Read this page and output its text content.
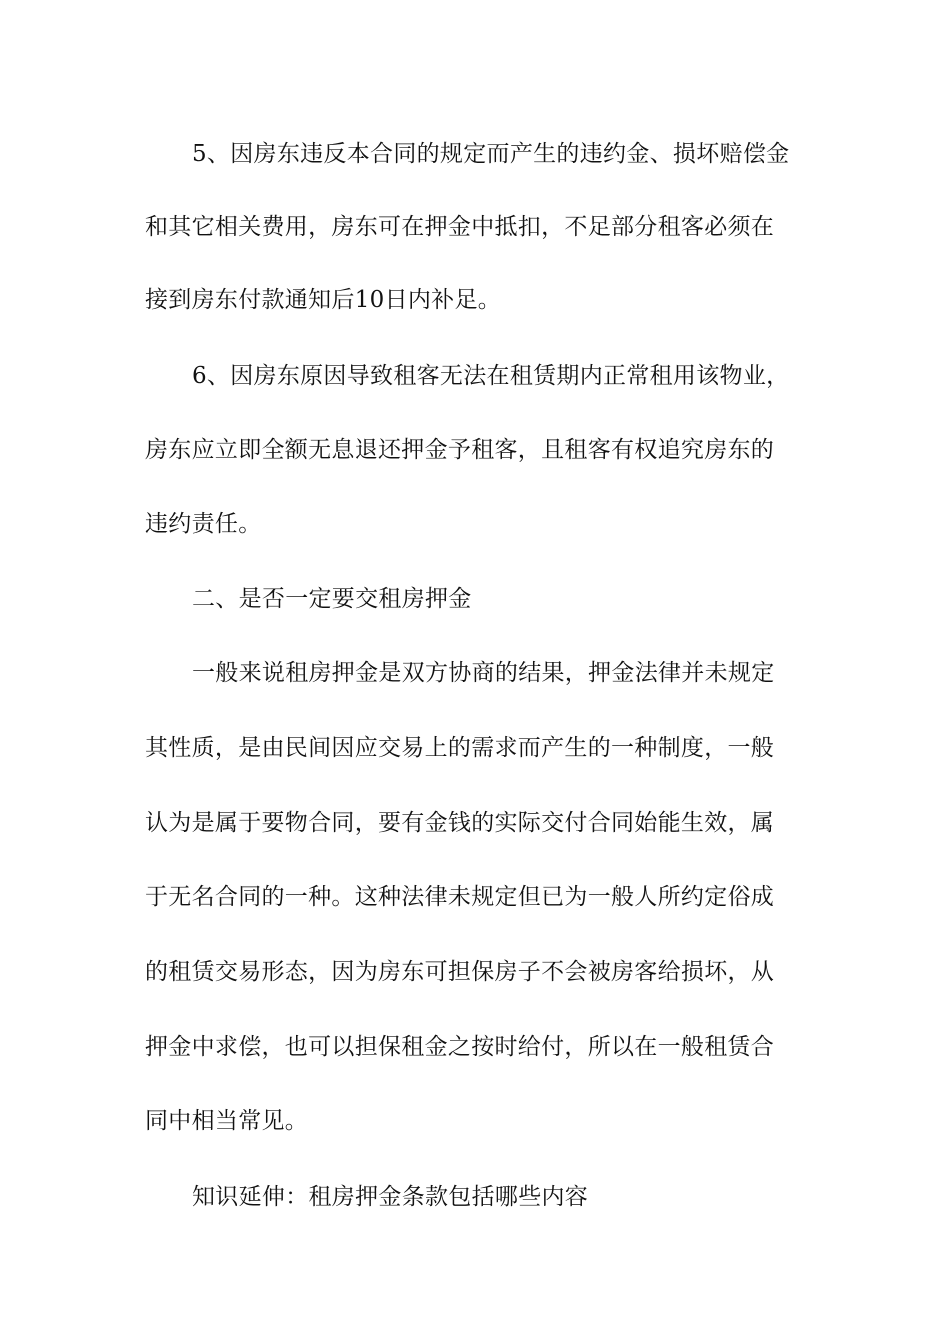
5、因房东违反本合同的规定而产生的违约金、损坏赔偿金
和其它相关费用，房东可在押金中抵扣，不足部分租客必须在
接到房东付款通知后10日内补足。
6、因房东原因导致租客无法在租赁期内正常租用该物业，
房东应立即全额无息退还押金予租客，且租客有权追究房东的
违约责任。
二、是否一定要交租房押金
一般来说租房押金是双方协商的结果，押金法律并未规定
其性质，是由民间因应交易上的需求而产生的一种制度，一般
认为是属于要物合同，要有金钱的实际交付合同始能生效，属
于无名合同的一种。这种法律未规定但已为一般人所约定俗成
的租赁交易形态，因为房东可担保房子不会被房客给损坏，从
押金中求偿，也可以担保租金之按时给付，所以在一般租赁合
同中相当常见。
知识延伸：租房押金条款包括哪些内容
